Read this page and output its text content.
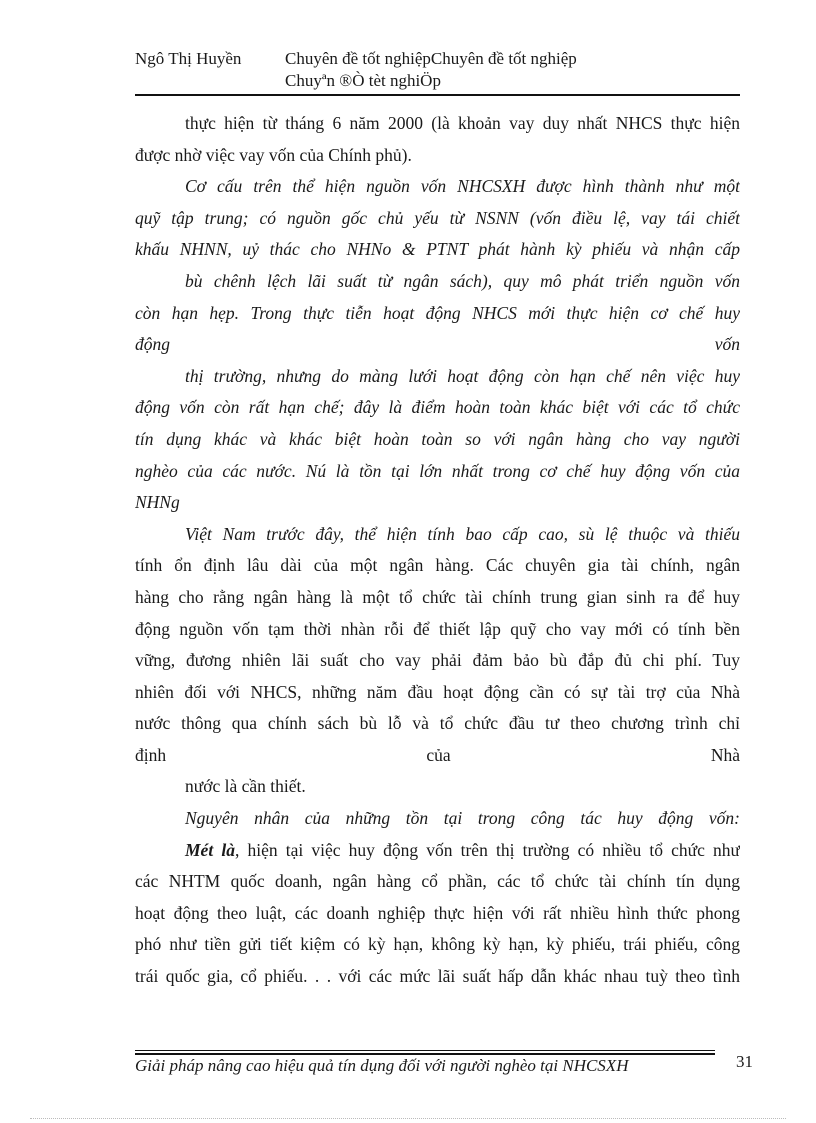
Ngô Thị Huyền	Chuyên đề tốt nghiệpChuyên đề tốt nghiệp
Chuyªn ®Ò tèt nghiÖp
thực hiện từ tháng 6 năm 2000 (là khoản vay duy nhất NHCS thực hiện
được nhờ việc vay vốn của Chính phủ).
Cơ cấu trên thể hiện nguồn vốn NHCSXH được hình thành như một
quỹ tập trung; có nguồn gốc chủ yếu từ NSNN (vốn điều lệ, vay tái chiết
khấu NHNN, uỷ thác cho NHNo & PTNT phát hành kỳ phiếu và nhận cấp
bù chênh lệch lãi suất từ ngân sách), quy mô phát triển nguồn vốn
còn hạn hẹp. Trong thực tiễn hoạt động NHCS mới thực hiện cơ chế huy
động vốn
thị trường, nhưng do màng lưới hoạt động còn hạn chế nên việc huy
động vốn còn rất hạn chế; đây là điểm hoàn toàn khác biệt với các tổ chức
tín dụng khác và khác biệt hoàn toàn so với ngân hàng cho vay người
nghèo của các nước. Nú là tồn tại lớn nhất trong cơ chế huy động vốn của
NHNg
Việt Nam trước đây, thể hiện tính bao cấp cao, sù lệ thuộc và thiếu
tính ổn định lâu dài của một ngân hàng. Các chuyên gia tài chính, ngân
hàng cho rằng ngân hàng là một tổ chức tài chính trung gian sinh ra để huy
động nguồn vốn tạm thời nhàn rỗi để thiết lập quỹ cho vay mới có tính bền
vững, đương nhiên lãi suất cho vay phải đảm bảo bù đắp đủ chi phí. Tuy
nhiên đối với NHCS, những năm đầu hoạt động cần có sự tài trợ của Nhà
nước thông qua chính sách bù lỗ và tổ chức đầu tư theo chương trình chỉ
định của Nhà
nước là cần thiết.
Nguyên nhân của những tồn tại trong công tác huy động vốn:
Mét là, hiện tại việc huy động vốn trên thị trường có nhiều tổ chức như
các NHTM quốc doanh, ngân hàng cổ phần, các tổ chức tài chính tín dụng
hoạt động theo luật, các doanh nghiệp thực hiện với rất nhiều hình thức phong
phó như tiền gửi tiết kiệm có kỳ hạn, không kỳ hạn, kỳ phiếu, trái phiếu, công
trái quốc gia, cổ phiếu. . . với các mức lãi suất hấp dẫn khác nhau tuỳ theo tình
Giải pháp nâng cao hiệu quả tín dụng đối với người nghèo tại NHCSXH	31
